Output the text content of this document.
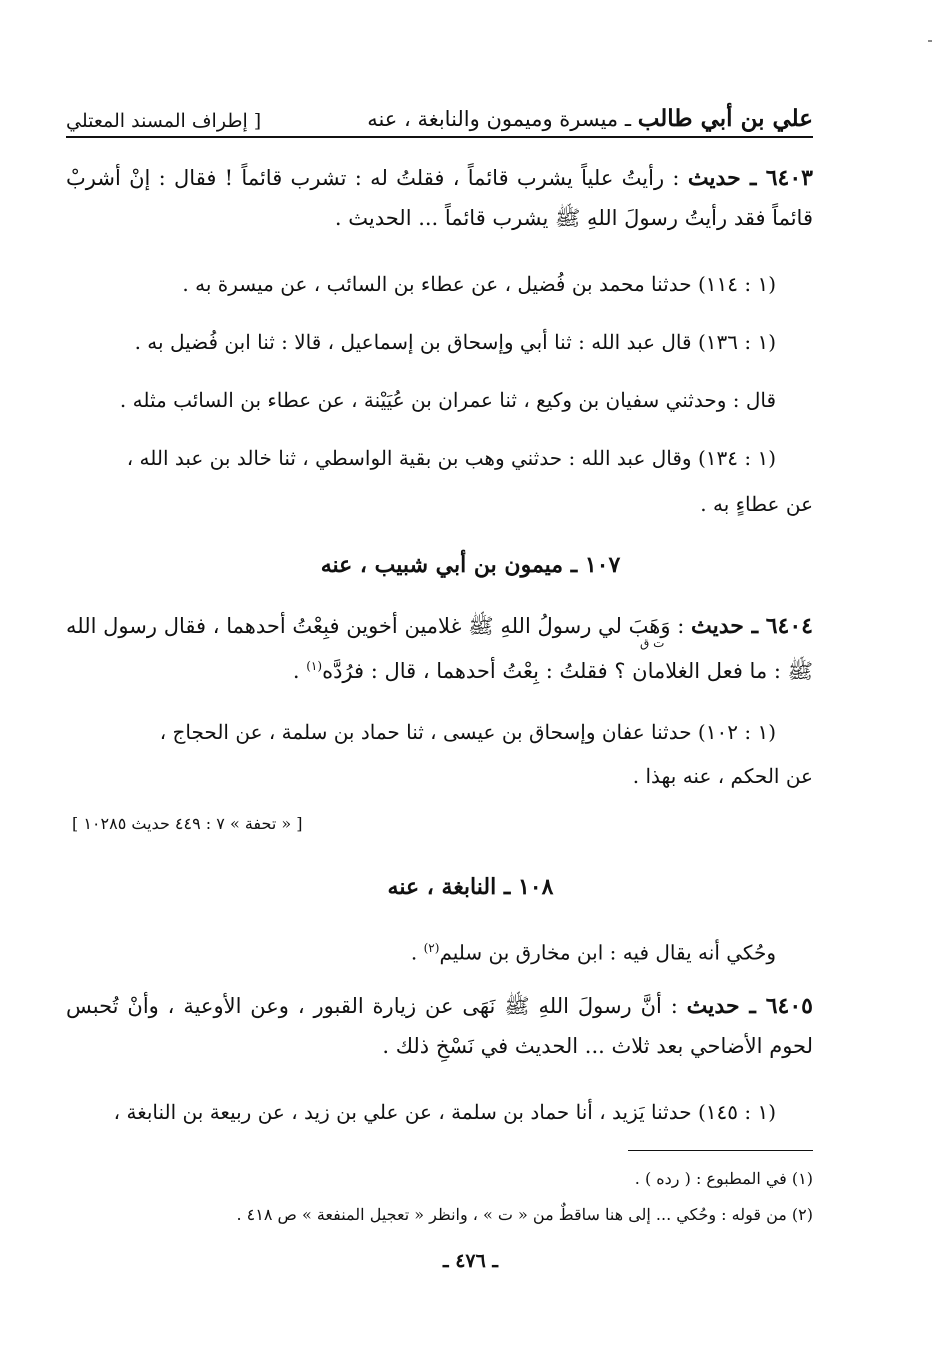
علي بن أبي طالب ـ ميسرة وميمون والنابغة ، عنه
[ إطراف المسند المعتلي
٦٤٠٣ ـ حديث : رأيتُ علياً يشرب قائماً ، فقلتُ له : تشرب قائماً ! فقال : إنْ أشربْ قائماً فقد رأيتُ رسولَ اللهِ ﷺ يشرب قائماً ... الحديث .
(١ : ١١٤) حدثنا محمد بن فُضيل ، عن عطاء بن السائب ، عن ميسرة به .
(١ : ١٣٦) قال عبد الله : ثنا أبي وإسحاق بن إسماعيل ، قالا : ثنا ابن فُضيل به .
قال : وحدثني سفيان بن وكيع ، ثنا عمران بن عُيَيْنة ، عن عطاء بن السائب مثله .
(١ : ١٣٤) وقال عبد الله : حدثني وهب بن بقية الواسطي ، ثنا خالد بن عبد الله ،
عن عطاءٍ به .
١٠٧ ـ ميمون بن أبي شبيب ، عنه
٦٤٠٤ ـ حديث : وَهَبَ لي رسولُ اللهِ ﷺ غلامين أخوين فبِعْتُ أحدهما ، فقال رسول الله ﷺ : ما فعل الغلامان ؟ فقلتُ : بِعْتُ أحدهما ، قال : فرُدَّه$^{(١)}$ .
ت ق
(١ : ١٠٢) حدثنا عفان وإسحاق بن عيسى ، ثنا حماد بن سلمة ، عن الحجاج ،
عن الحكم ، عنه بهذا .
[ « تحفة » ٧ : ٤٤٩ حديث ١٠٢٨٥ ]
١٠٨ ـ النابغة ، عنه
وحُكي أنه يقال فيه : ابن مخارق بن سليم$^{(٢)}$ .
٦٤٠٥ ـ حديث : أنَّ رسولَ اللهِ ﷺ نَهَى عن زيارة القبور ، وعن الأوعية ، وأنْ تُحبس لحوم الأضاحي بعد ثلاث ... الحديث في نَسْخِ ذلك .
(١ : ١٤٥) حدثنا يَزيد ، أنا حماد بن سلمة ، عن علي بن زيد ، عن ربيعة بن النابغة ،
(١) في المطبوع : ( رده ) .
(٢) من قوله : وحُكي ... إلى هنا ساقطٌ من « ت » ، وانظر « تعجيل المنفعة » ص ٤١٨ .
ـ ٤٧٦ ـ
